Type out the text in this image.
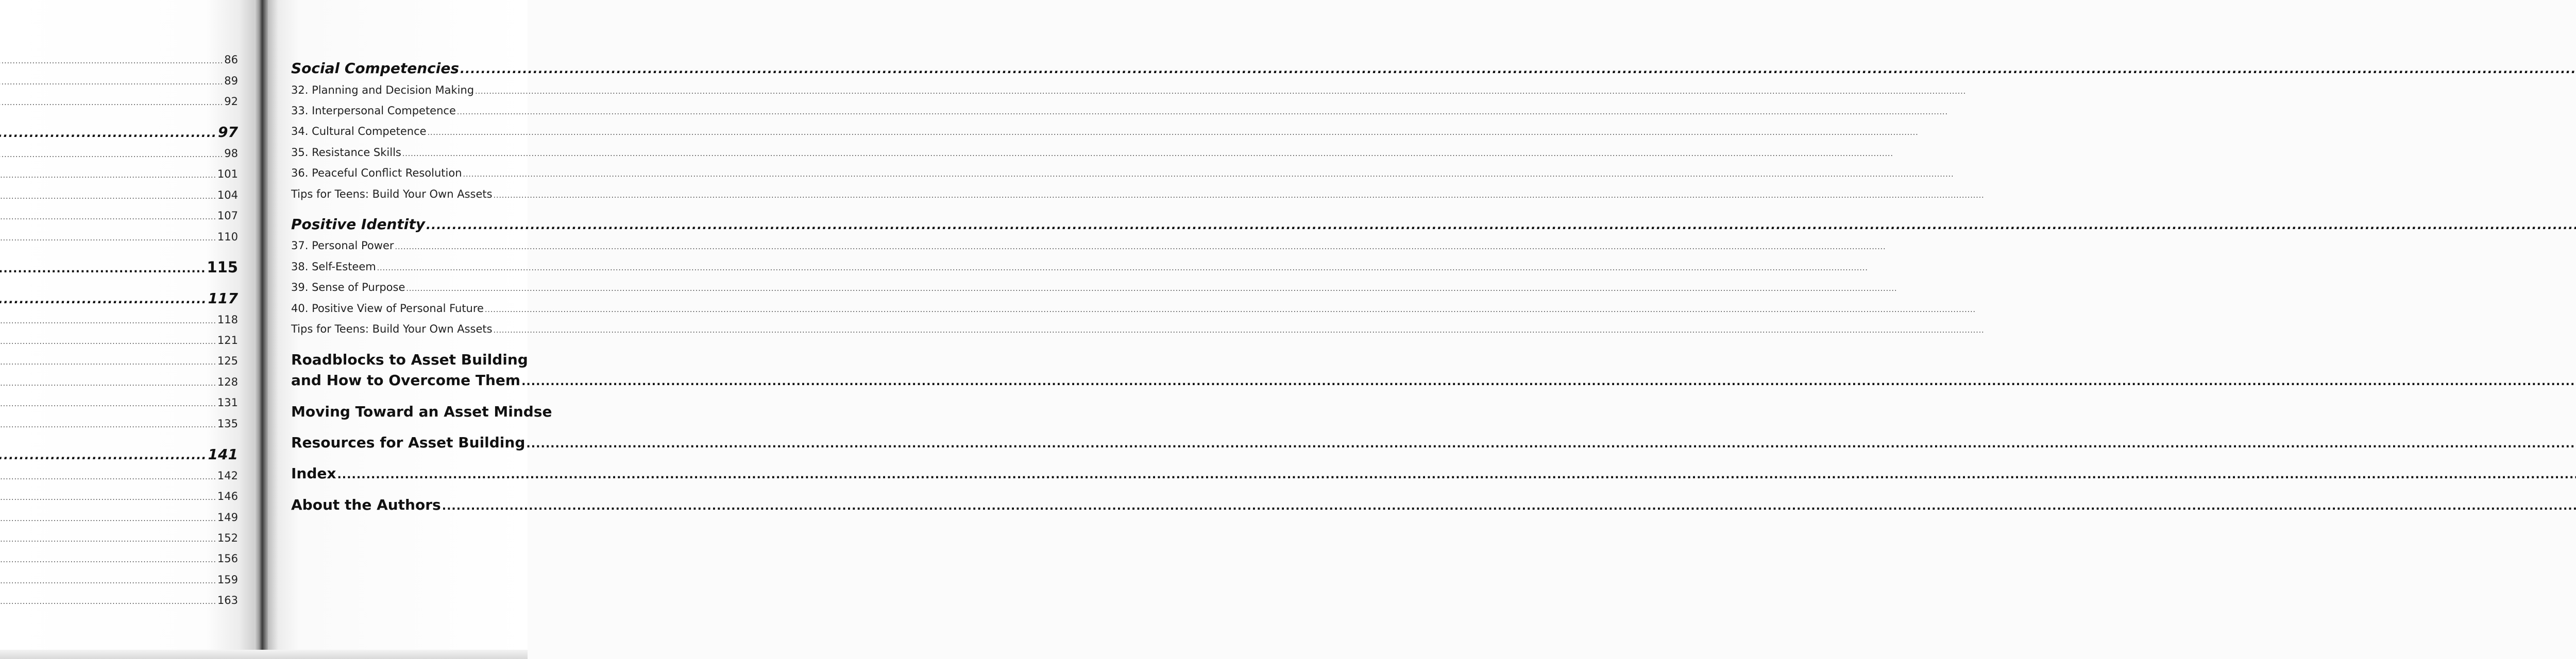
.....
86
.....
89
.....
92
.....
97
.....
98
.....
101
.....
104
.....
107
.....
110
.....
115
.....
117
.....
118
.....
121
.....
125
.....
128
.....
131
.....
135
.....
141
.....
142
.....
146
.....
149
.....
152
.....
156
.....
159
.....
163
Social Competencies
.....
32. Planning and Decision Making
.....
33. Interpersonal Competence
.....
34. Cultural Competence
.....
35. Resistance Skills
.....
36. Peaceful Conflict Resolution
.....
Tips for Teens: Build Your Own Assets
.....
Positive Identity
.....
37. Personal Power
.....
38. Self-Esteem
.....
39. Sense of Purpose
.....
40. Positive View of Personal Future
.....
Tips for Teens: Build Your Own Assets
.....
Roadblocks to Asset Building
and How to Overcome Them
.....
Moving Toward an Asset Mindse
Resources for Asset Building
.....
Index
.....
About the Authors
.....
